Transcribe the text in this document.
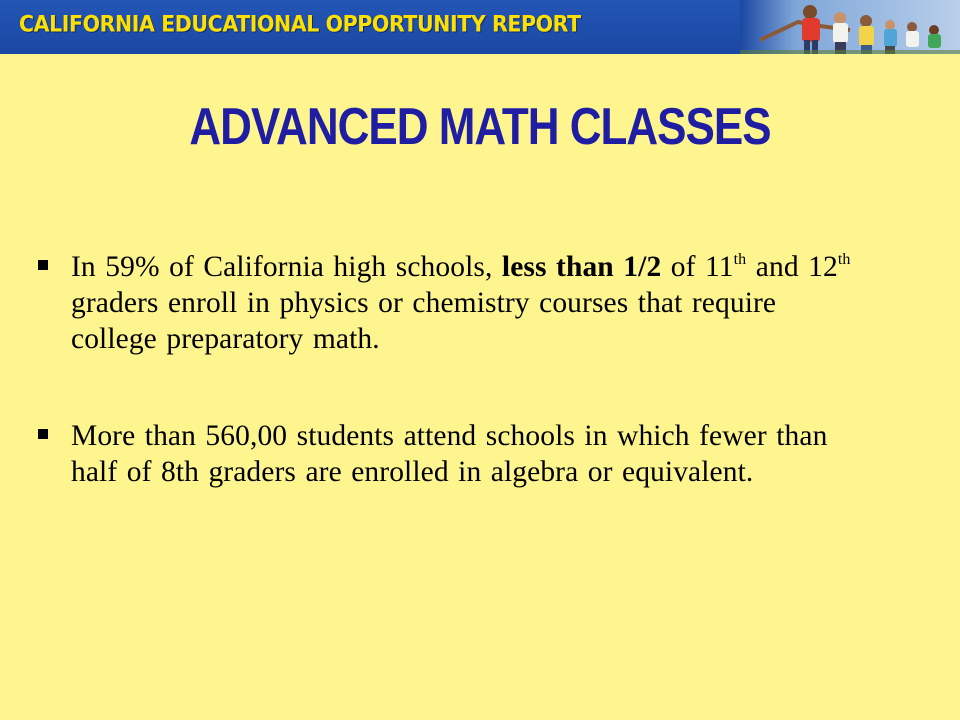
CALIFORNIA EDUCATIONAL OPPORTUNITY REPORT
ADVANCED MATH CLASSES
In 59% of California high schools, less than 1/2 of 11th and 12th graders enroll in physics or chemistry courses that require college preparatory math.
More than 560,00 students attend schools in which fewer than half of 8th graders are enrolled in algebra or equivalent.
